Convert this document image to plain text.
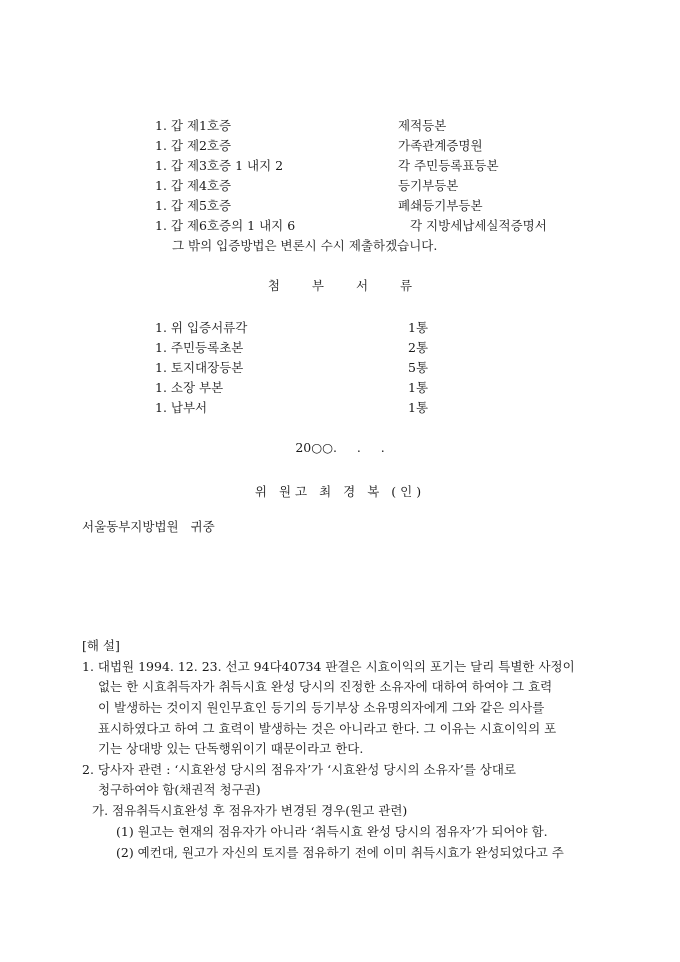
1. 갑 제1호증	제적등본
1. 갑 제2호증	가족관계증명원
1. 갑 제3호증 1 내지 2	각 주민등록표등본
1. 갑 제4호증	등기부등본
1. 갑 제5호증	폐쇄등기부등본
1. 갑 제6호증의 1 내지 6	각 지방세납세실적증명서
그 밖의 입증방법은 변론시 수시 제출하겠습니다.
첨 부 서 류
1. 위 입증서류각	1통
1. 주민등록초본	2통
1. 토지대장등본	5통
1. 소장 부본	1통
1. 납부서	1통
20○○.     .     .
위 원고 최 경 복 (인)
서울동부지방법원   귀중
[해 설]
1. 대법원 1994. 12. 23. 선고 94다40734 판결은 시효이익의 포기는 달리 특별한 사정이
없는 한 시효취득자가 취득시효 완성 당시의 진정한 소유자에 대하여 하여야 그 효력
이 발생하는 것이지 원인무효인 등기의 등기부상 소유명의자에게 그와 같은 의사를
표시하였다고 하여 그 효력이 발생하는 것은 아니라고 한다. 그 이유는 시효이익의 포
기는 상대방 있는 단독행위이기 때문이라고 한다.
2. 당사자 관련 : ‘시효완성 당시의 점유자’가 ‘시효완성 당시의 소유자’를 상대로
청구하여야 함(채권적 청구권)
가. 점유취득시효완성 후 점유자가 변경된 경우(원고 관련)
(1) 원고는 현재의 점유자가 아니라 ‘취득시효 완성 당시의 점유자’가 되어야 함.
(2) 예컨대, 원고가 자신의 토지를 점유하기 전에 이미 취득시효가 완성되었다고 주
